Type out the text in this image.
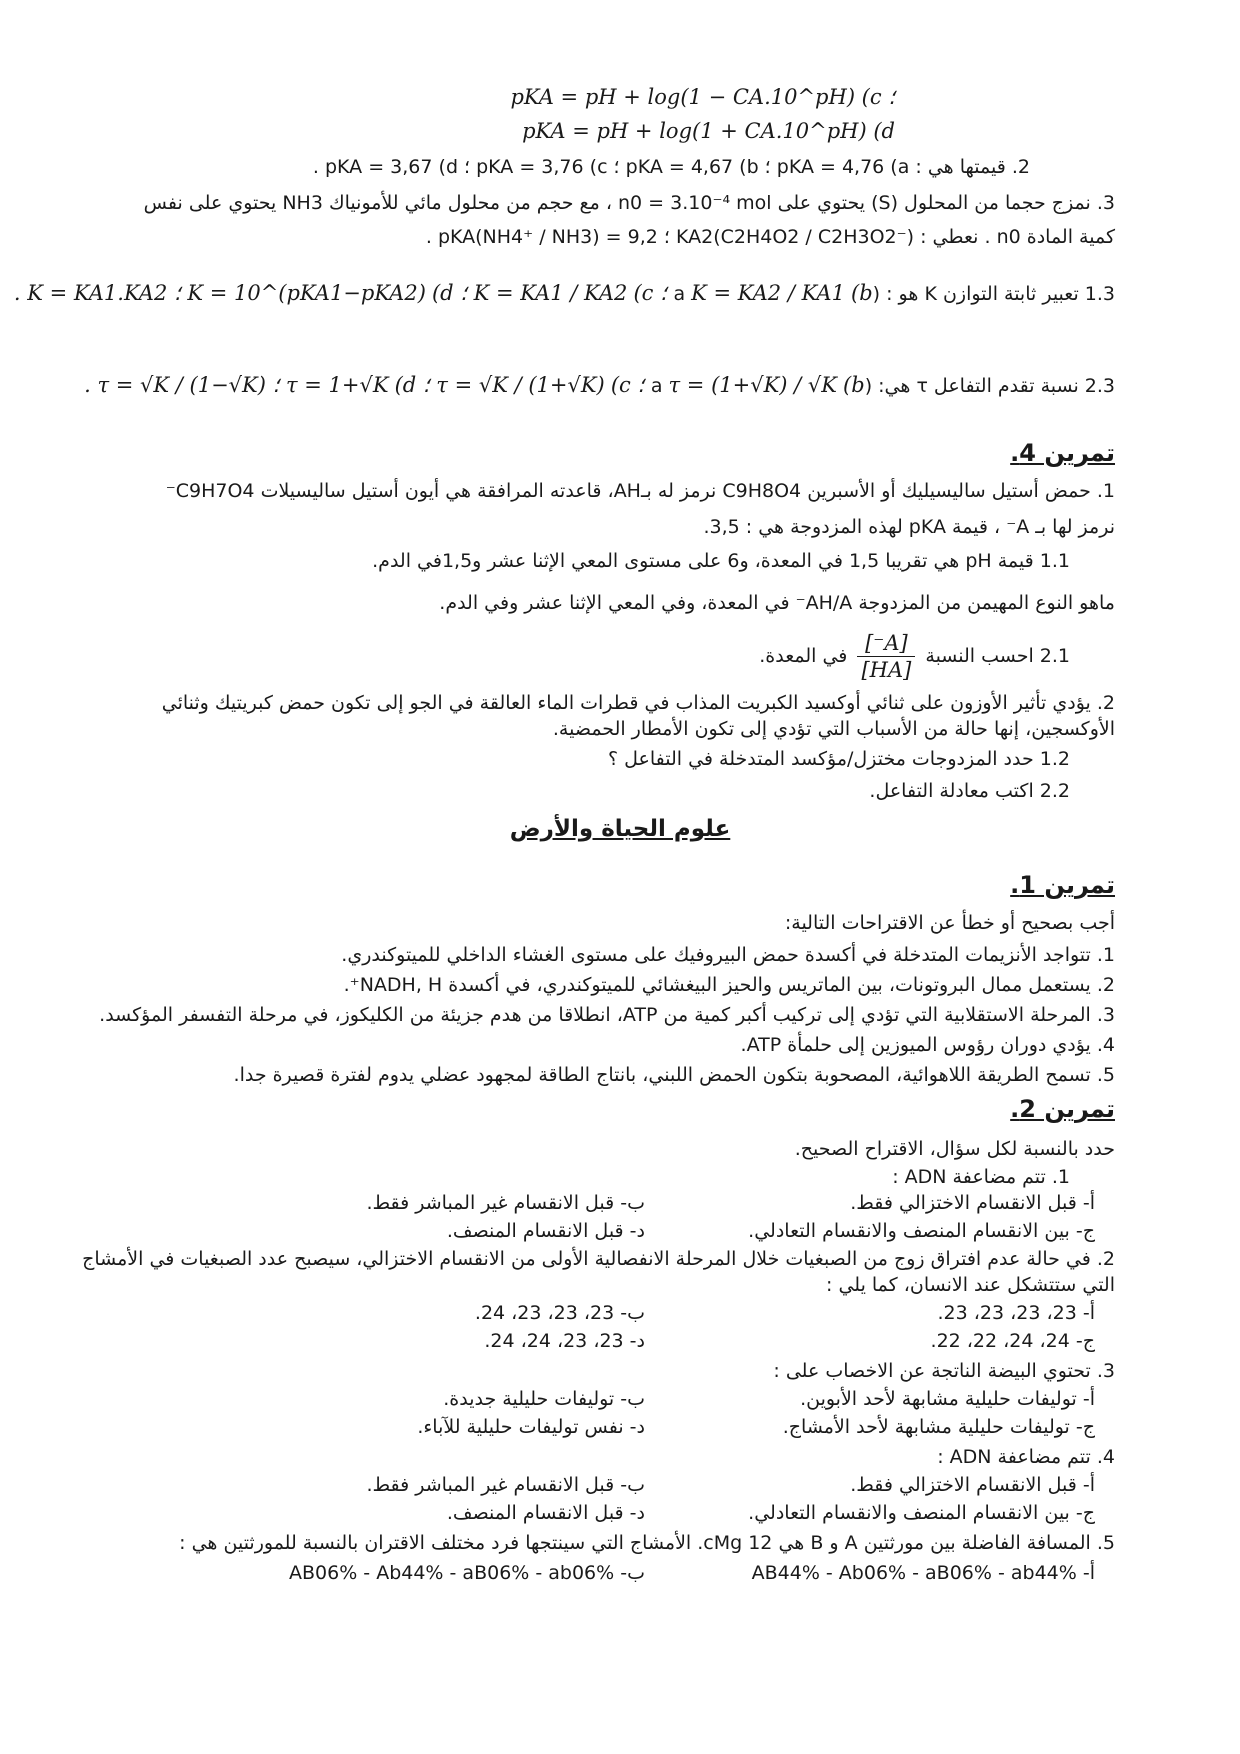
؛ pKA = pH + log(1 − CA.10^pH) (c
pKA = pH + log(1 + CA.10^pH) (d
2. قيمتها هي : pKA = 4,76 (a ؛ pKA = 4,67 (b ؛ pKA = 3,76 (c ؛ pKA = 3,67 (d .
3. نمزج حجما من المحلول (S) يحتوي على n0 = 3.10⁻⁴ mol ، مع حجم من محلول مائي للأمونياك NH3 يحتوي على نفس
كمية المادة n0 . نعطي : KA2(C2H4O2 / C2H3O2⁻) ؛ pKA(NH4⁺ / NH3) = 9,2 .
1.3 تعبير ثابتة التوازن K هو : (a K = KA2 / KA1 (b ؛ K = KA1 / KA2 (c ؛ K = 10^(pKA1−pKA2) (d ؛ K = KA1.KA2 .
2.3 نسبة تقدم التفاعل τ هي: (a τ = (1+√K) / √K (b ؛ τ = √K / (1+√K) (c ؛ τ = 1+√K (d ؛ τ = √K / (1−√K) .
تمرين 4.
1. حمض أستيل ساليسيليك أو الأسبرين C9H8O4 نرمز له بـAH، قاعدته المرافقة هي أيون أستيل ساليسيلات C9H7O4⁻
نرمز لها بـ A⁻ ، قيمة pKA لهذه المزدوجة هي : 3,5.
1.1 قيمة pH هي تقريبا 1,5 في المعدة، و6 على مستوى المعي الإثنا عشر و1,5في الدم.
ماهو النوع المهيمن من المزدوجة AH/A⁻ في المعدة، وفي المعي الإثنا عشر وفي الدم.
2.1 احسب النسبة
$\frac{[A^-]}{[HA]}$
في المعدة.
2. يؤدي تأثير الأوزون على ثنائي أوكسيد الكبريت المذاب في قطرات الماء العالقة في الجو إلى تكون حمض كبريتيك وثنائي
الأوكسجين، إنها حالة من الأسباب التي تؤدي إلى تكون الأمطار الحمضية.
1.2 حدد المزدوجات مختزل/مؤكسد المتدخلة في التفاعل ؟
2.2 اكتب معادلة التفاعل.
علوم الحياة والأرض
تمرين 1.
أجب بصحيح أو خطأ عن الاقتراحات التالية:
1. تتواجد الأنزيمات المتدخلة في أكسدة حمض البيروفيك على مستوى الغشاء الداخلي للميتوكندري.
2. يستعمل ممال البروتونات، بين الماتريس والحيز البيغشائي للميتوكندري، في أكسدة NADH, H⁺.
3. المرحلة الاستقلابية التي تؤدي إلى تركيب أكبر كمية من ATP، انطلاقا من هدم جزيئة من الكليكوز، في مرحلة التفسفر المؤكسد.
4. يؤدي دوران رؤوس الميوزين إلى حلمأة ATP.
5. تسمح الطريقة اللاهوائية، المصحوبة بتكون الحمض اللبني، بانتاج الطاقة لمجهود عضلي يدوم لفترة قصيرة جدا.
تمرين 2.
حدد بالنسبة لكل سؤال، الاقتراح الصحيح.
1. تتم مضاعفة ADN :
أ- قبل الانقسام الاختزالي فقط.
ب- قبل الانقسام غير المباشر فقط.
ج- بين الانقسام المنصف والانقسام التعادلي.
د- قبل الانقسام المنصف.
2. في حالة عدم افتراق زوج من الصبغيات خلال المرحلة الانفصالية الأولى من الانقسام الاختزالي، سيصبح عدد الصبغيات في الأمشاج
التي ستتشكل عند الانسان، كما يلي :
أ- 23، 23، 23، 23.
ب- 23، 23، 23، 24.
ج- 24، 24، 22، 22.
د- 23، 23، 24، 24.
3. تحتوي البيضة الناتجة عن الاخصاب على :
أ- توليفات حليلية مشابهة لأحد الأبوين.
ب- توليفات حليلية جديدة.
ج- توليفات حليلية مشابهة لأحد الأمشاج.
د- نفس توليفات حليلية للآباء.
4. تتم مضاعفة ADN :
أ- قبل الانقسام الاختزالي فقط.
ب- قبل الانقسام غير المباشر فقط.
ج- بين الانقسام المنصف والانقسام التعادلي.
د- قبل الانقسام المنصف.
5. المسافة الفاضلة بين مورثتين A و B هي 12 cMg. الأمشاج التي سينتجها فرد مختلف الاقتران بالنسبة للمورثتين هي :
أ- AB44% - Ab06% - aB06% - ab44%
ب- AB06% - Ab44% - aB06% - ab06%
